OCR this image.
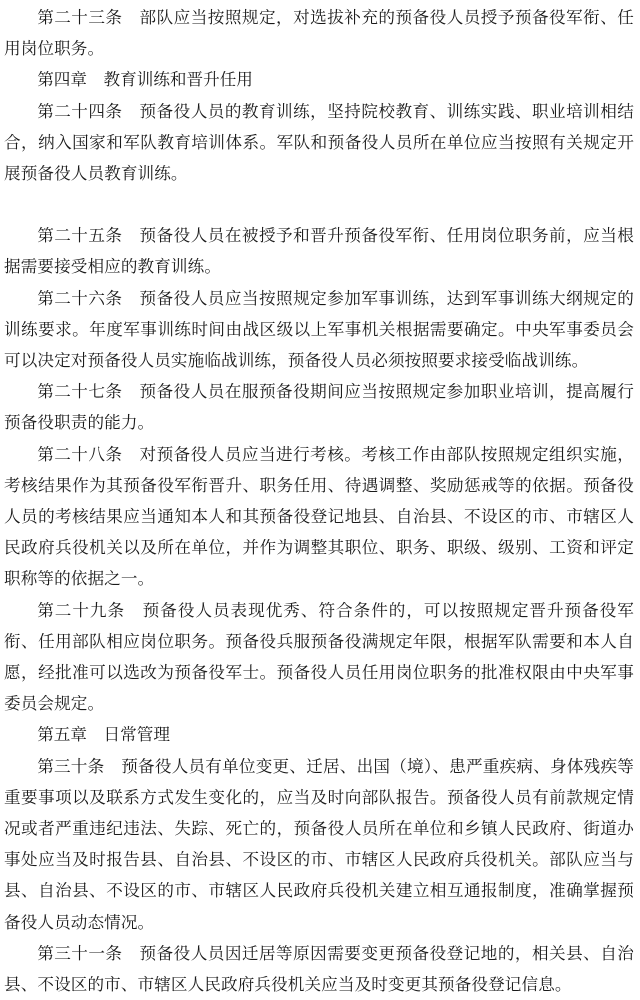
第二十三条　部队应当按照规定，对选拔补充的预备役人员授予预备役军衔、任用岗位职务。

第四章　教育训练和晋升任用

第二十四条　预备役人员的教育训练，坚持院校教育、训练实践、职业培训相结合，纳入国家和军队教育培训体系。军队和预备役人员所在单位应当按照有关规定开展预备役人员教育训练。

第二十五条　预备役人员在被授予和晋升预备役军衔、任用岗位职务前，应当根据需要接受相应的教育训练。

第二十六条　预备役人员应当按照规定参加军事训练，达到军事训练大纲规定的训练要求。年度军事训练时间由战区级以上军事机关根据需要确定。中央军事委员会可以决定对预备役人员实施临战训练，预备役人员必须按照要求接受临战训练。

第二十七条　预备役人员在服预备役期间应当按照规定参加职业培训，提高履行预备役职责的能力。

第二十八条　对预备役人员应当进行考核。考核工作由部队按照规定组织实施，考核结果作为其预备役军衔晋升、职务任用、待遇调整、奖励惩戒等的依据。预备役人员的考核结果应当通知本人和其预备役登记地县、自治县、不设区的市、市辖区人民政府兵役机关以及所在单位，并作为调整其职位、职务、职级、级别、工资和评定职称等的依据之一。

第二十九条　预备役人员表现优秀、符合条件的，可以按照规定晋升预备役军衔、任用部队相应岗位职务。预备役兵服预备役满规定年限，根据军队需要和本人自愿，经批准可以选改为预备役军士。预备役人员任用岗位职务的批准权限由中央军事委员会规定。

第五章　日常管理

第三十条　预备役人员有单位变更、迁居、出国（境）、患严重疾病、身体残疾等重要事项以及联系方式发生变化的，应当及时向部队报告。预备役人员有前款规定情况或者严重违纪违法、失踪、死亡的，预备役人员所在单位和乡镇人民政府、街道办事处应当及时报告县、自治县、不设区的市、市辖区人民政府兵役机关。部队应当与县、自治县、不设区的市、市辖区人民政府兵役机关建立相互通报制度，准确掌握预备役人员动态情况。

第三十一条　预备役人员因迁居等原因需要变更预备役登记地的，相关县、自治县、不设区的市、市辖区人民政府兵役机关应当及时变更其预备役登记信息。
